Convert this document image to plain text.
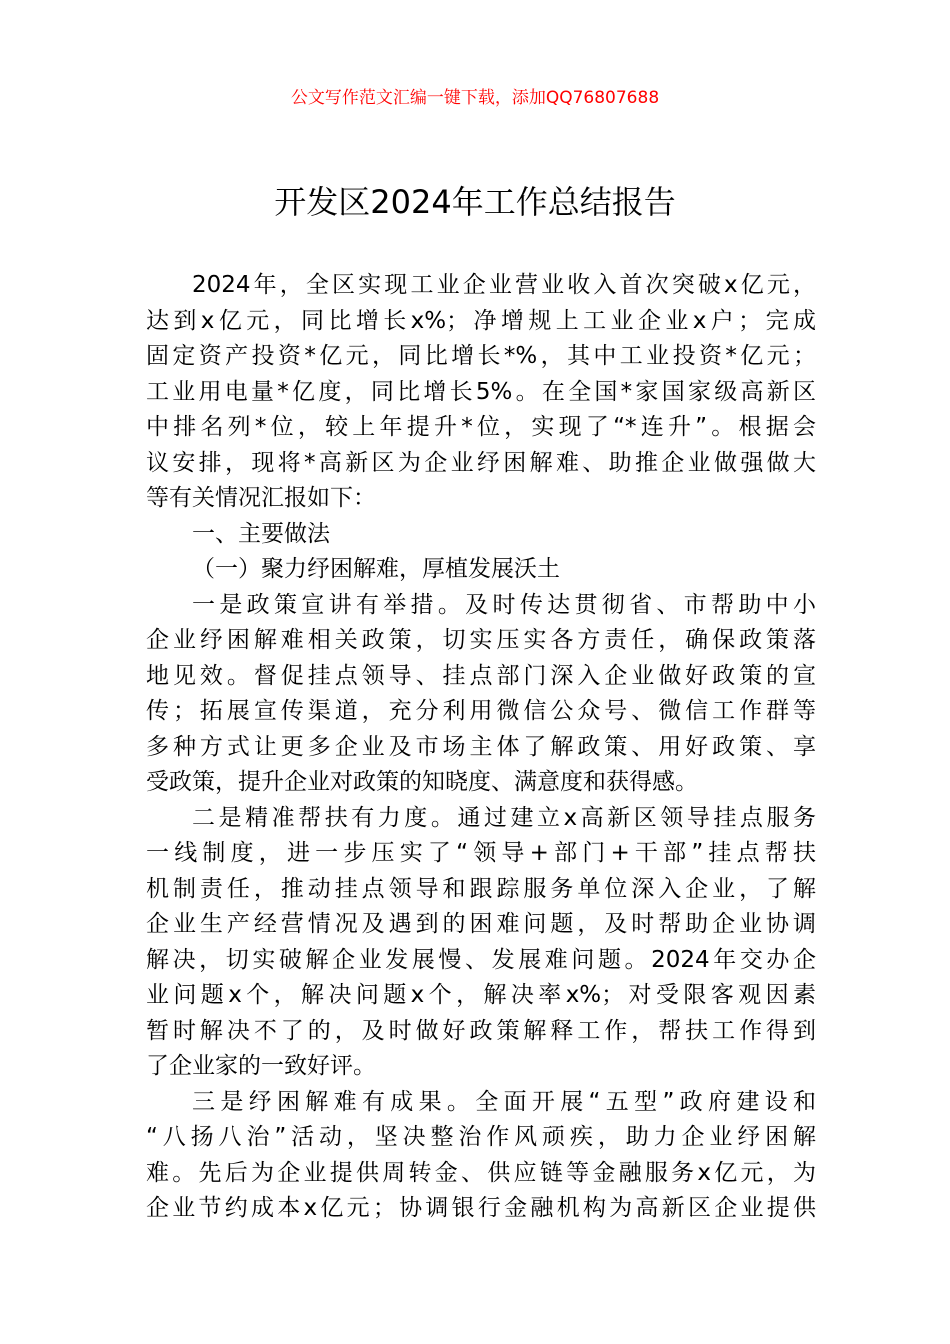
公文写作范文汇编一键下载，添加QQ76807688
开发区2024年工作总结报告
2024年，全区实现工业企业营业收入首次突破x亿元，
达到x亿元，同比增长x%；净增规上工业企业x户；完成
固定资产投资*亿元，同比增长*%，其中工业投资*亿元；
工业用电量*亿度，同比增长5%。在全国*家国家级高新区
中排名列*位，较上年提升*位，实现了“*连升”。根据会
议安排，现将*高新区为企业纾困解难、助推企业做强做大
等有关情况汇报如下：
一、主要做法
（一）聚力纾困解难，厚植发展沃土
一是政策宣讲有举措。及时传达贯彻省、市帮助中小
企业纾困解难相关政策，切实压实各方责任，确保政策落
地见效。督促挂点领导、挂点部门深入企业做好政策的宣
传；拓展宣传渠道，充分利用微信公众号、微信工作群等
多种方式让更多企业及市场主体了解政策、用好政策、享
受政策，提升企业对政策的知晓度、满意度和获得感。
二是精准帮扶有力度。通过建立x高新区领导挂点服务
一线制度，进一步压实了“领导+部门+干部”挂点帮扶
机制责任，推动挂点领导和跟踪服务单位深入企业，了解
企业生产经营情况及遇到的困难问题，及时帮助企业协调
解决，切实破解企业发展慢、发展难问题。2024年交办企
业问题x个，解决问题x个，解决率x%；对受限客观因素
暂时解决不了的，及时做好政策解释工作，帮扶工作得到
了企业家的一致好评。
三是纾困解难有成果。全面开展“五型”政府建设和
“八扬八治”活动，坚决整治作风顽疾，助力企业纾困解
难。先后为企业提供周转金、供应链等金融服务x亿元，为
企业节约成本x亿元；协调银行金融机构为高新区企业提供
